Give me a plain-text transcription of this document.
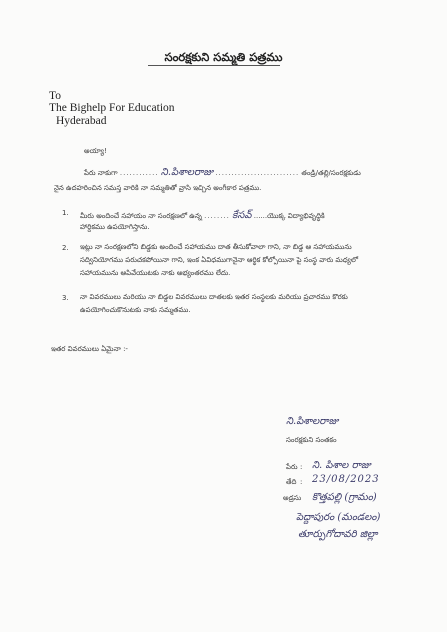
సంరక్షకుని సమ్మతి పత్రము
To
The Bighelp For Education
Hyderabad
అయ్యా!
పేరు నాకుగా ............ ని.పిశాలరాజు .......................... తండ్రి/తల్లి/సంరక్షకుడు
నైన ఉదహరించిన సమస్త వారికి నా సమ్మతితో వ్రాసి ఇచ్చిన అంగీకార పత్రము.
1. మీరు అందించే సహాయం నా సంరక్షణలో ఉన్న ........ కేసవ్ ......యొక్క విద్యాభివృద్ధికి
హార్దికము ఉపయోగిస్తాను.
2. ఇట్లు నా సంరక్షణలోని బిడ్డకు అందించే సహాయము దాత తీసుకోవాలా గాని, నా బిడ్డ ఆ సహాయమును సద్వినియోగము పరుచకపోయినా గాని, ఇంక ఏవిధముగానైనా ఆర్థిక కోల్పోయినా పై సంస్థ వారు మధ్యలో సహాయమును ఆపివేయుటకు నాకు అభ్యంతరము లేదు.
3. నా వివరములు మరియు నా బిడ్డల వివరములు దాతలకు ఇతర సంస్థలకు మరియు ప్రచారము కొరకు ఉపయోగించుకొనుటకు నాకు సమ్మతము.
ఇతర వివరములు ఏమైనా :-
ని.పిశాలరాజు
సంరక్షకుని సంతకం
పేరు : ని. పిశాల రాజు
తేది : 23/08/2023
అడ్రసు కొత్తపల్లి (గ్రామం)
పెద్దాపురం (మండలం)
తూర్పుగోదావరి జిల్లా
